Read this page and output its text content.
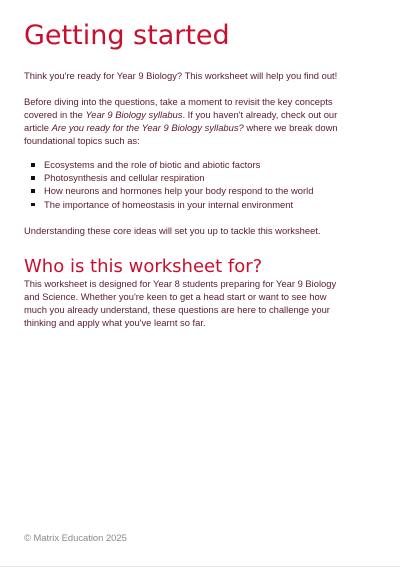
Getting started

Think you're ready for Year 9 Biology? This worksheet will help you find out!

Before diving into the questions, take a moment to revisit the key concepts
covered in the Year 9 Biology syllabus. If you haven't already, check out our
article Are you ready for the Year 9 Biology syllabus? where we break down
foundational topics such as:

Ecosystems and the role of biotic and abiotic factors
Photosynthesis and cellular respiration
How neurons and hormones help your body respond to the world
The importance of homeostasis in your internal environment

Understanding these core ideas will set you up to tackle this worksheet.

Who is this worksheet for?

This worksheet is designed for Year 8 students preparing for Year 9 Biology
and Science. Whether you're keen to get a head start or want to see how
much you already understand, these questions are here to challenge your
thinking and apply what you've learnt so far.

© Matrix Education 2025
